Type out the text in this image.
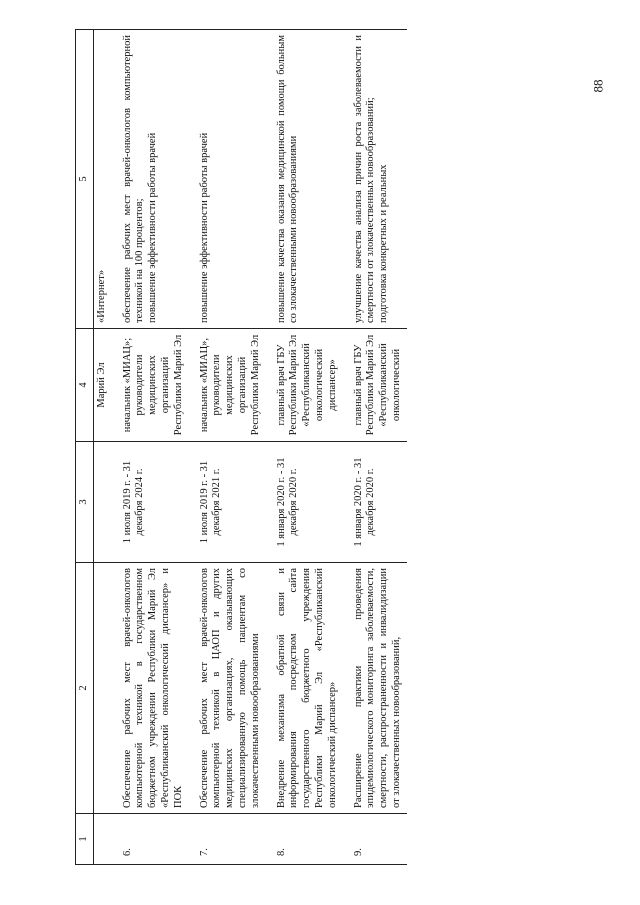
88
1	2	3	4	5
			Марий Эл	«Интернет»
6.	Обеспечение рабочих мест врачей-онкологов компьютерной техникой в государственном бюджетном учреждении Республики Марий Эл «Республиканский онкологический диспансер» и ПОК	1 июля 2019 г. - 31 декабря 2024 г.	начальник «МИАЦ»; руководители медицинских организаций Республики Марий Эл	обеспечение рабочих мест врачей-онкологов компьютерной техникой на 100 процентов; повышение эффективности работы врачей

7.	Обеспечение рабочих мест врачей-онкологов компьютерной техникой в ЦАОП и других медицинских организациях, оказывающих специализированную помощь пациентам со злокачественными новообразованиями	1 июля 2019 г. - 31 декабря 2021 г.	начальник «МИАЦ», руководители медицинских организаций Республики Марий Эл	повышение эффективности работы врачей

8.	Внедрение механизма обратной связи и информирования посредством сайта государственного бюджетного учреждения Республики Марий Эл «Республиканский онкологический диспансер»	1 января 2020 г. - 31 декабря 2020 г.	главный врач ГБУ Республики Марий Эл «Республиканский онкологический диспансер»	повышение качества оказания медицинской помощи больным со злокачественными новообразованиями

9.	Расширение практики проведения эпидемиологического мониторинга заболеваемости, смертности, распространенности и инвалидизации от злокачественных новообразований,	1 января 2020 г. - 31 декабря 2020 г.	главный врач ГБУ Республики Марий Эл «Республиканский онкологический	улучшение качества анализа причин роста заболеваемости и смертности от злокачественных новообразований; подготовка конкретных и реальных
